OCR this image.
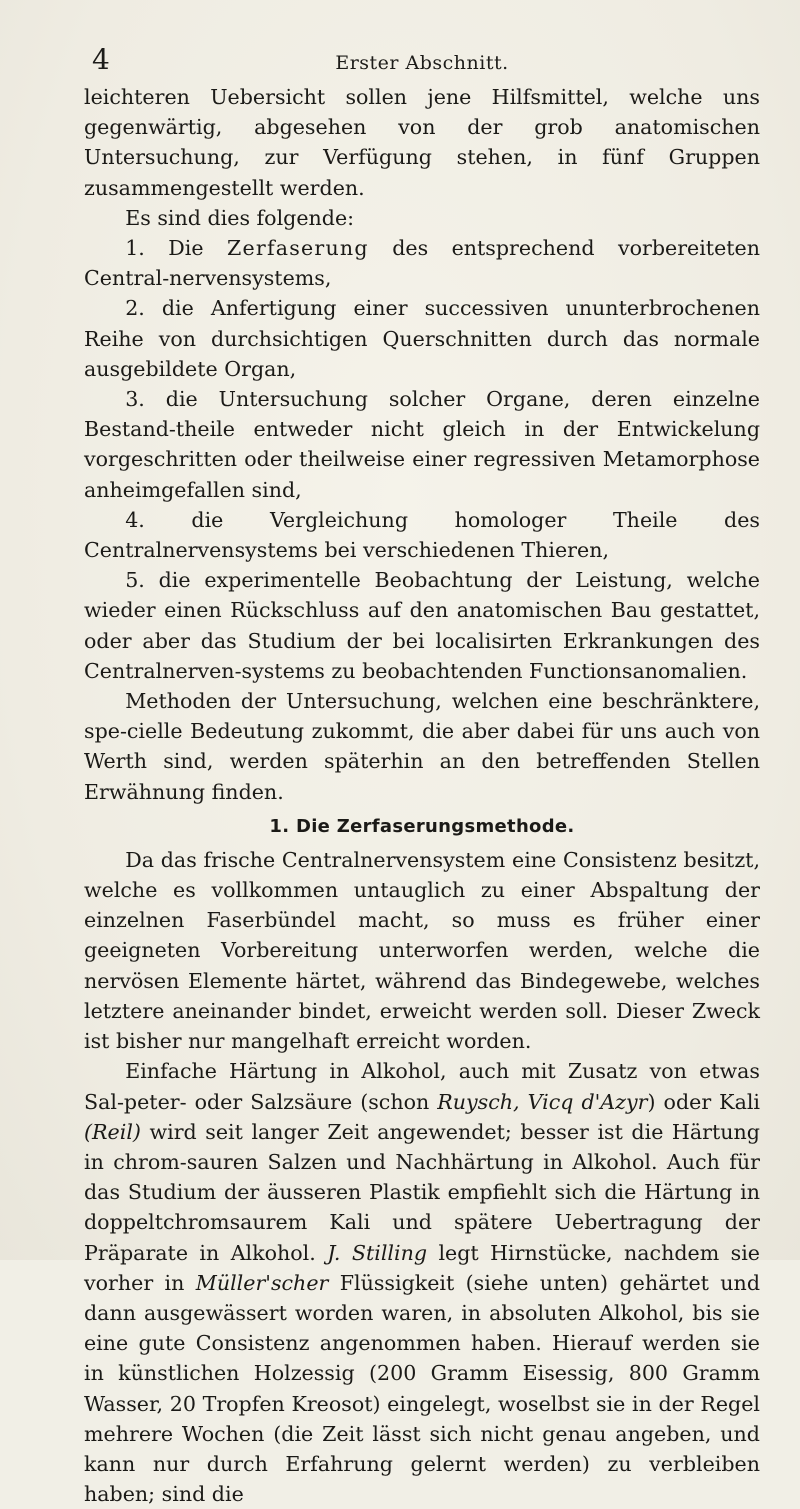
4	Erster Abschnitt.

leichteren Uebersicht sollen jene Hilfsmittel, welche uns gegenwärtig, abgesehen von der grob anatomischen Untersuchung, zur Verfügung stehen, in fünf Gruppen zusammengestellt werden.

Es sind dies folgende:

1. Die Zerfaserung des entsprechend vorbereiteten Central-nervensystems,

2. die Anfertigung einer successiven ununterbrochenen Reihe von durchsichtigen Querschnitten durch das normale ausgebildete Organ,

3. die Untersuchung solcher Organe, deren einzelne Bestand-theile entweder nicht gleich in der Entwickelung vorgeschritten oder theilweise einer regressiven Metamorphose anheimgefallen sind,

4. die Vergleichung homologer Theile des Centralnervensystems bei verschiedenen Thieren,

5. die experimentelle Beobachtung der Leistung, welche wieder einen Rückschluss auf den anatomischen Bau gestattet, oder aber das Studium der bei localisirten Erkrankungen des Centralnerven-systems zu beobachtenden Functionsanomalien.

Methoden der Untersuchung, welchen eine beschränktere, spe-cielle Bedeutung zukommt, die aber dabei für uns auch von Werth sind, werden späterhin an den betreffenden Stellen Erwähnung finden.

1. Die Zerfaserungsmethode.

Da das frische Centralnervensystem eine Consistenz besitzt, welche es vollkommen untauglich zu einer Abspaltung der einzelnen Faserbündel macht, so muss es früher einer geeigneten Vorbereitung unterworfen werden, welche die nervösen Elemente härtet, während das Bindegewebe, welches letztere aneinander bindet, erweicht werden soll. Dieser Zweck ist bisher nur mangelhaft erreicht worden.

Einfache Härtung in Alkohol, auch mit Zusatz von etwas Sal-peter- oder Salzsäure (schon Ruysch, Vicq d'Azyr) oder Kali (Reil) wird seit langer Zeit angewendet; besser ist die Härtung in chrom-sauren Salzen und Nachhärtung in Alkohol. Auch für das Studium der äusseren Plastik empfiehlt sich die Härtung in doppeltchromsaurem Kali und spätere Uebertragung der Präparate in Alkohol. J. Stilling legt Hirnstücke, nachdem sie vorher in Müller'scher Flüssigkeit (siehe unten) gehärtet und dann ausgewässert worden waren, in absoluten Alkohol, bis sie eine gute Consistenz angenommen haben. Hierauf werden sie in künstlichen Holzessig (200 Gramm Eisessig, 800 Gramm Wasser, 20 Tropfen Kreosot) eingelegt, woselbst sie in der Regel mehrere Wochen (die Zeit lässt sich nicht genau angeben, und kann nur durch Erfahrung gelernt werden) zu verbleiben haben; sind die
